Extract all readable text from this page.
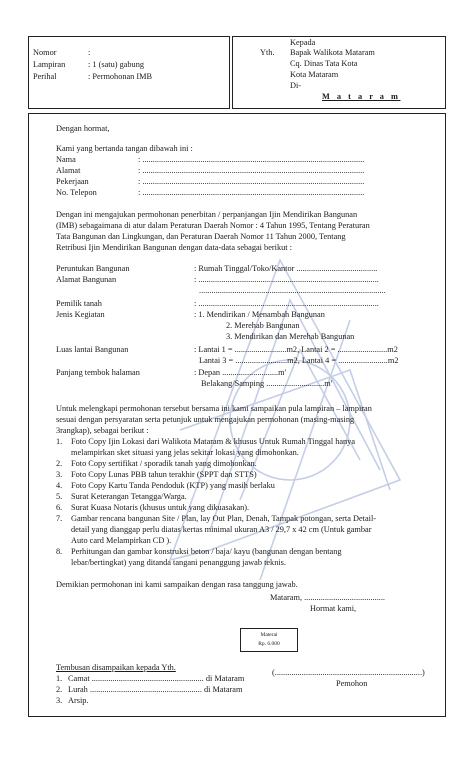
Nomor	:
Lampiran	: 1 (satu) gabung
Perihal	: Permohonan IMB
Kepada
Yth. Bapak Walikota Mataram
Cq. Dinas Tata Kota
Kota Mataram
Di-
M a t a r a m
Dengan hormat,
Kami yang bertanda tangan dibawah ini :
Nama	: ...........................................................................................................
Alamat	: ...........................................................................................................
Pekerjaan	: ...........................................................................................................
No. Telepon	: ...........................................................................................................
Dengan ini mengajukan permohonan penerbitan / perpanjangan Ijin Mendirikan Bangunan
(IMB) sebagaimana di atur dalam Peraturan Daerah Nomor : 4 Tahun 1995, Tentang Peraturan
Tata Bangunan dan Lingkungan, dan Peraturan Daerah Nomor 11 Tahun 2000, Tentang
Retribusi Ijin Mendirikan Bangunan dengan data-data sebagai berikut :
Peruntukan Bangunan	: Rumah Tinggal/Toko/Kantor .......................................
Alamat Bangunan	: .......................................................................................
..........................................................................................
Pemilik tanah	: .......................................................................................
Jenis Kegiatan	: 1. Mendirikan / Menambah Bangunan
2. Merehab Bangunan
3. Mendirikan dan Merehab Bangunan
Luas lantai Bangunan	: Lantai 1 = .........................m2, Lantai 2 = ........................m2
Lantai 3 = .........................m2, Lantai 4 = ........................m2
Panjang tembok halaman	: Depan ...........................m'
Belakang/Samping ............................m'
Untuk melengkapi permohonan tersebut bersama ini kami sampaikan pula lampiran – lampiran
sesuai dengan persyaratan serta petunjuk untuk mengajukan permohonan (masing-masing
3rangkap), sebagai berikut :
1. Foto Copy Ijin Lokasi dari Walikota Mataram & khusus Untuk Rumah Tinggal hanya
melampirkan sket situasi yang jelas sekitar lokasi yang dimohonkan.
2. Foto Copy sertifikat / sporadik tanah yang dimohonkan.
3. Foto Copy Lunas PBB tahun terakhir (SPPT dan STTS)
4. Foto Copy Kartu Tanda Pendoduk (KTP) yang masih berlaku
5. Surat Keterangan Tetangga/Warga.
6. Surat Kuasa Notaris (khusus untuk yang dikuasakan).
7. Gambar rencana bangunan Site / Plan, lay Out Plan, Denah, Tampak potongan, serta Detail-
detail yang dianggap perlu diatas kertas minimal ukuran A3 / 29,7 x 42 cm (Untuk gambar
Auto card Melampirkan CD ).
8. Perhitungan dan gambar konstruksi beton / baja/ kayu (bangunan dengan bentang
lebar/bertingkat) yang ditanda tangani penanggung jawab teknis.
Demikian permohonan ini kami sampaikan dengan rasa tanggung jawab.
Mataram, .......................................
Hormat kami,
Materai
Rp. 6.000
(.......................................................................)
Pemohon
Tembusan disampaikan kepada Yth.
1. Camat ...................................................... di Mataram
2. Lurah ...................................................... di Mataram
3. Arsip.
